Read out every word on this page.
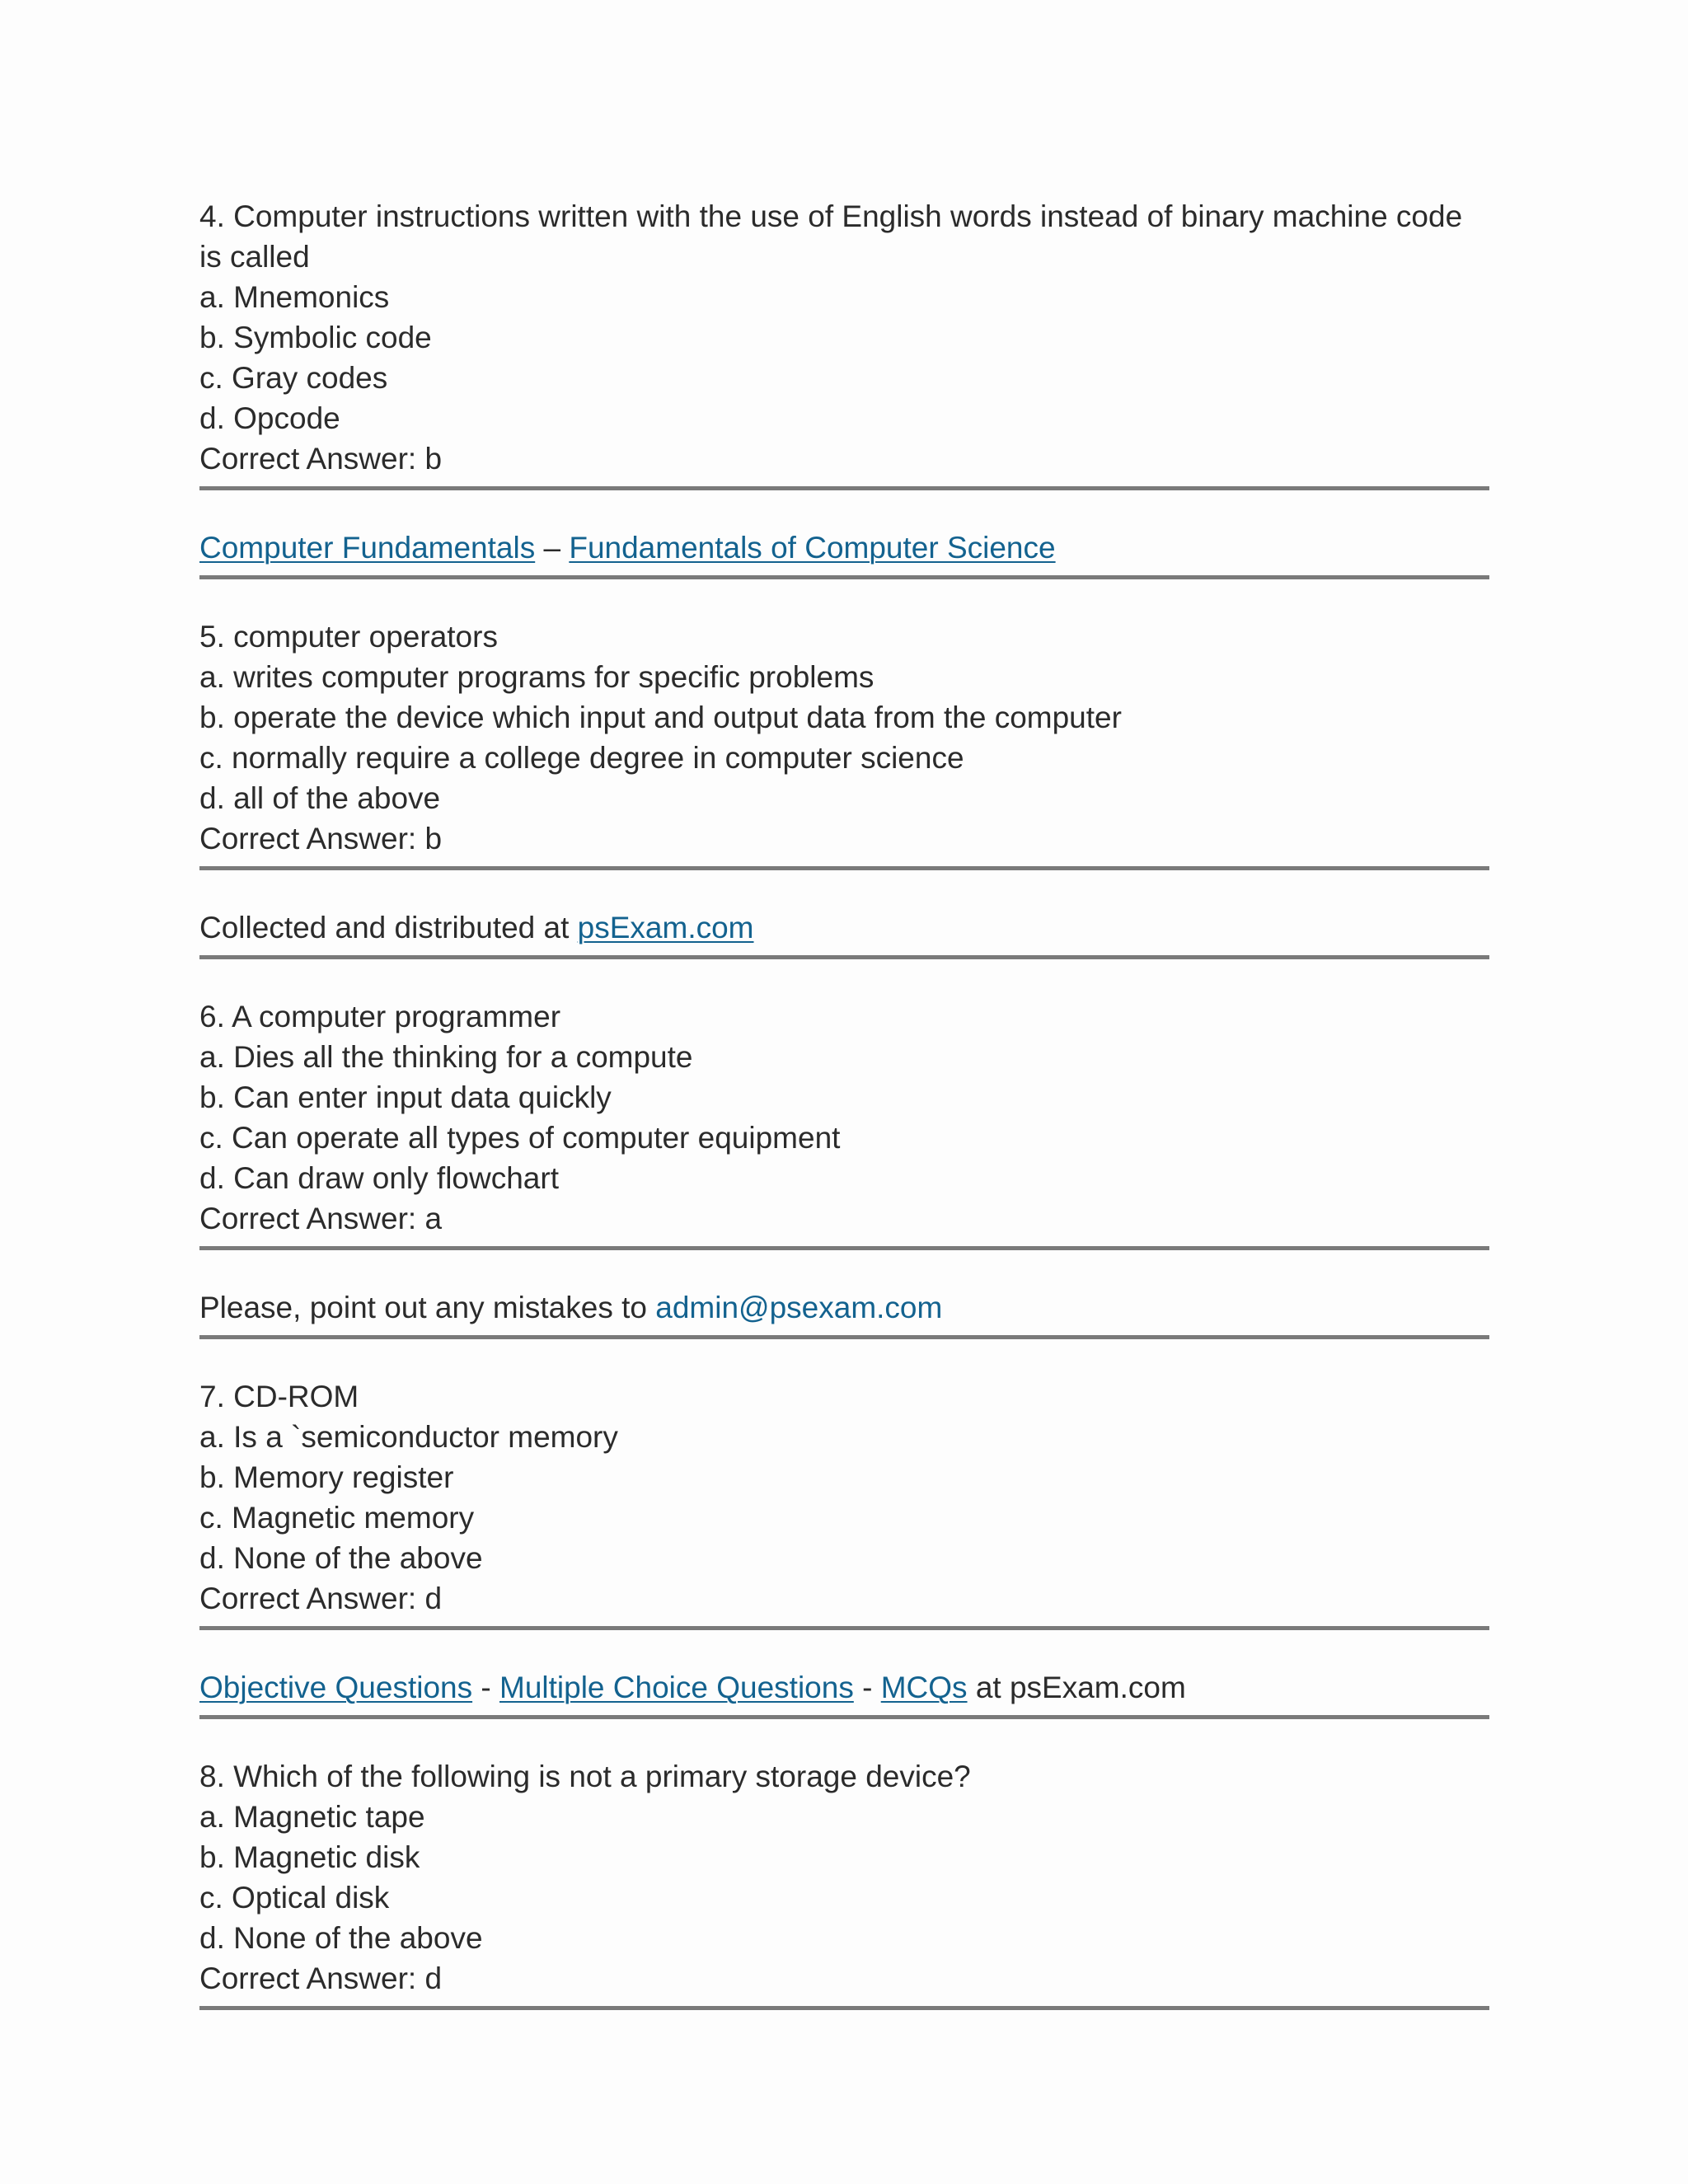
4. Computer instructions written with the use of English words instead of binary machine code is called
a. Mnemonics
b. Symbolic code
c. Gray codes
d. Opcode
Correct Answer: b
Computer Fundamentals – Fundamentals of Computer Science
5. computer operators
a. writes computer programs for specific problems
b. operate the device which input and output data from the computer
c. normally require a college degree in computer science
d. all of the above
Correct Answer: b
Collected and distributed at psExam.com
6. A computer programmer
a. Dies all the thinking for a compute
b. Can enter input data quickly
c. Can operate all types of computer equipment
d. Can draw only flowchart
Correct Answer: a
Please, point out any mistakes to admin@psexam.com
7. CD-ROM
a. Is a `semiconductor memory
b. Memory register
c. Magnetic memory
d. None of the above
Correct Answer: d
Objective Questions - Multiple Choice Questions - MCQs at psExam.com
8. Which of the following is not a primary storage device?
a. Magnetic tape
b. Magnetic disk
c. Optical disk
d. None of the above
Correct Answer: d
